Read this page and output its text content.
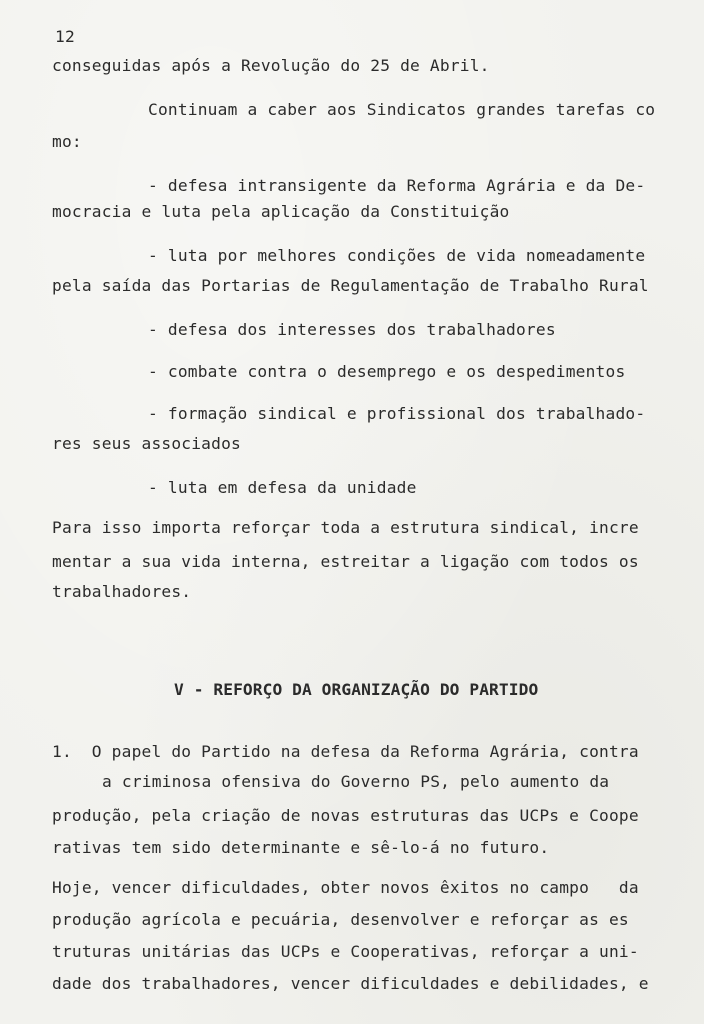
12
conseguidas após a Revolução do 25 de Abril.
Continuam a caber aos Sindicatos grandes tarefas co
mo:
- defesa intransigente da Reforma Agrária e da De-
mocracia e luta pela aplicação da Constituição
- luta por melhores condições de vida nomeadamente
pela saída das Portarias de Regulamentação de Trabalho Rural
- defesa dos interesses dos trabalhadores
- combate contra o desemprego e os despedimentos
- formação sindical e profissional dos trabalhado-
res seus associados
- luta em defesa da unidade
Para isso importa reforçar toda a estrutura sindical, incre
mentar a sua vida interna, estreitar a ligação com todos os
trabalhadores.
V - REFORÇO DA ORGANIZAÇÃO DO PARTIDO
1.  O papel do Partido na defesa da Reforma Agrária, contra
a criminosa ofensiva do Governo PS, pelo aumento da
produção, pela criação de novas estruturas das UCPs e Coope
rativas tem sido determinante e sê-lo-á no futuro.
Hoje, vencer dificuldades, obter novos êxitos no campo   da
produção agrícola e pecuária, desenvolver e reforçar as es
truturas unitárias das UCPs e Cooperativas, reforçar a uni-
dade dos trabalhadores, vencer dificuldades e debilidades, e
